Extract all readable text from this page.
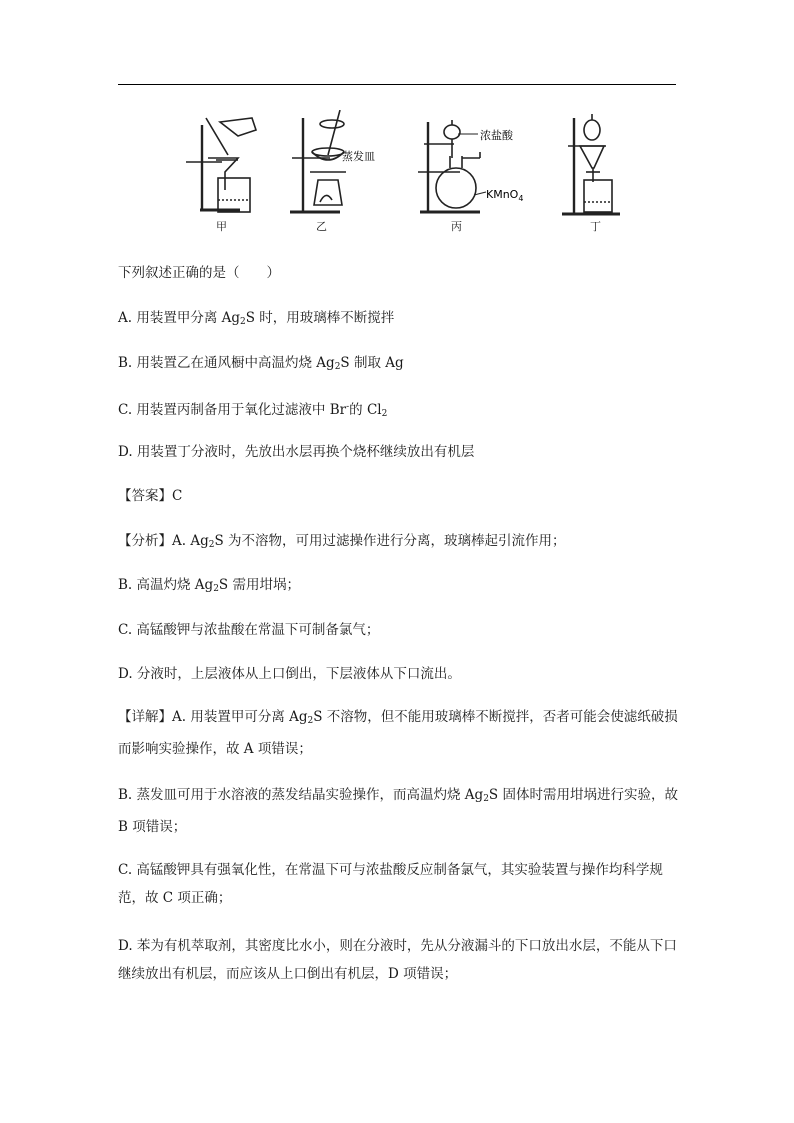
蒸发皿
浓盐酸
KMnO$_4$
甲	乙	丙	丁
下列叙述正确的是（　　）
A. 用装置甲分离 $Ag_2S$ 时，用玻璃棒不断搅拌
B. 用装置乙在通风橱中高温灼烧 $Ag_2S$ 制取 Ag
C. 用装置丙制备用于氧化过滤液中 Br-的 $Cl_2$
D. 用装置丁分液时，先放出水层再换个烧杯继续放出有机层
【答案】C
【分析】A. $Ag_2S$ 为不溶物，可用过滤操作进行分离，玻璃棒起引流作用；
B. 高温灼烧 $Ag_2S$ 需用坩埚；
C. 高锰酸钾与浓盐酸在常温下可制备氯气；
D. 分液时，上层液体从上口倒出，下层液体从下口流出。
【详解】A. 用装置甲可分离 $Ag_2S$ 不溶物，但不能用玻璃棒不断搅拌，否者可能会使滤纸破损而影响实验操作，故 A 项错误；
B. 蒸发皿可用于水溶液的蒸发结晶实验操作，而高温灼烧 $Ag_2S$ 固体时需用坩埚进行实验，故 B 项错误；
C. 高锰酸钾具有强氧化性，在常温下可与浓盐酸反应制备氯气，其实验装置与操作均科学规范，故 C 项正确；
D. 苯为有机萃取剂，其密度比水小，则在分液时，先从分液漏斗的下口放出水层，不能从下口继续放出有机层，而应该从上口倒出有机层，D 项错误；
